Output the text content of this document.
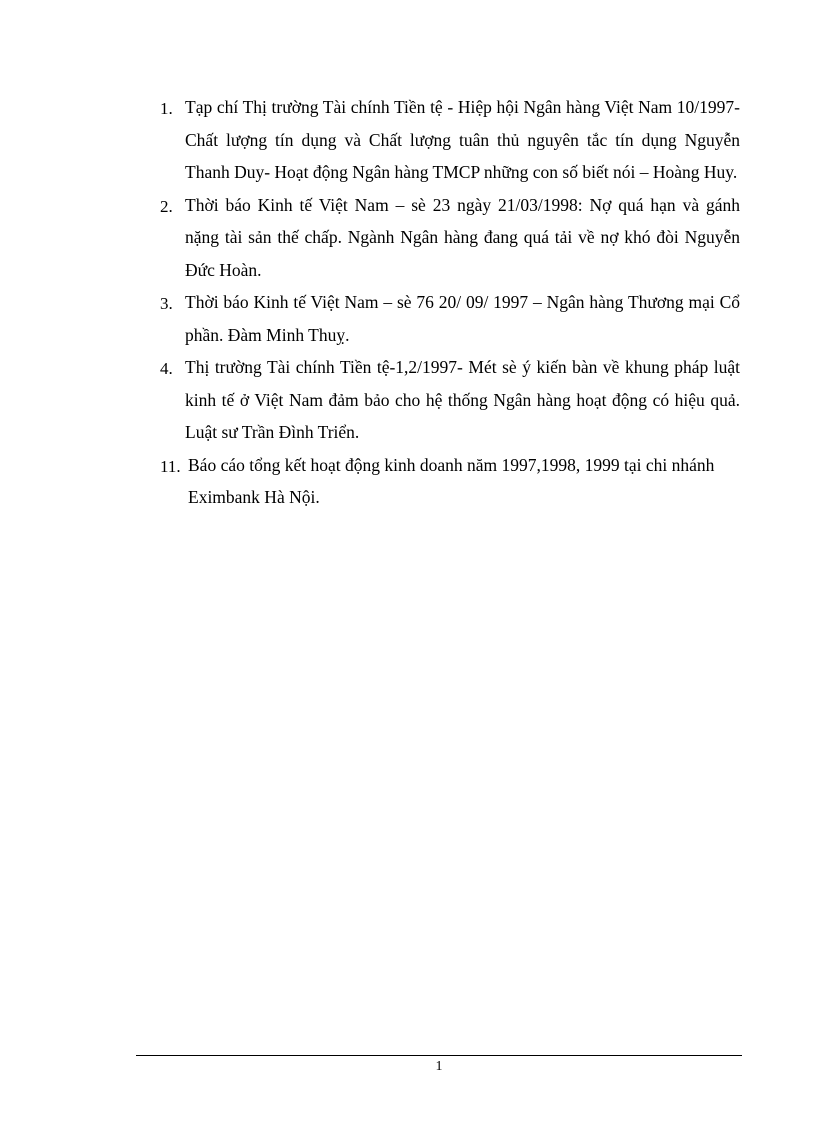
1. Tạp chí Thị trường Tài chính Tiền tệ - Hiệp hội Ngân hàng Việt Nam 10/1997- Chất lượng tín dụng và Chất lượng tuân thủ nguyên tắc tín dụng Nguyễn Thanh Duy- Hoạt động Ngân hàng TMCP những con số biết nói – Hoàng Huy.
2. Thời báo Kinh tế Việt Nam – sè 23 ngày 21/03/1998: Nợ quá hạn và gánh nặng tài sản thế chấp. Ngành Ngân hàng đang quá tải về nợ khó đòi Nguyễn Đức Hoàn.
3. Thời báo Kinh tế Việt Nam – sè 76 20/ 09/ 1997 – Ngân hàng Thương mại Cổ phần. Đàm Minh Thuỵ.
4. Thị trường Tài chính Tiền tệ-1,2/1997- Mét sè ý kiến bàn về khung pháp luật kinh tế ở Việt Nam đảm bảo cho hệ thống Ngân hàng hoạt động có hiệu quả. Luật sư Trần Đình Triển.
11. Báo cáo tổng kết hoạt động kinh doanh năm 1997,1998, 1999 tại chi nhánh Eximbank Hà Nội.
1
